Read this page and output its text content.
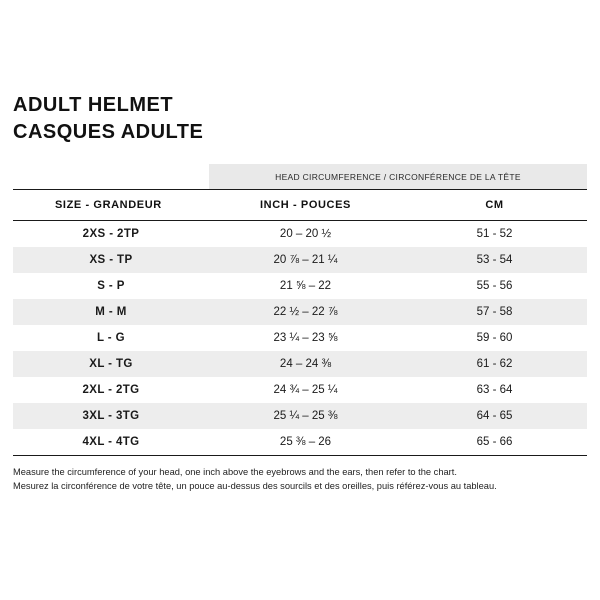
ADULT HELMET
CASQUES ADULTE
	HEAD CIRCUMFERENCE / CIRCONFÉRENCE DE LA TÊTE	
SIZE - GRANDEUR	INCH - POUCES	CM
2XS - 2TP	20 – 20 ½	51 - 52
XS - TP	20 ⅞ – 21 ¼	53 - 54
S - P	21 ⅝ – 22	55 - 56
M - M	22 ½ – 22 ⅞	57 - 58
L - G	23 ¼ – 23 ⅝	59 - 60
XL - TG	24 – 24 ⅜	61 - 62
2XL - 2TG	24 ¾ – 25 ¼	63 - 64
3XL - 3TG	25 ¼ – 25 ⅜	64 - 65
4XL - 4TG	25 ⅜ – 26	65 - 66
Measure the circumference of your head, one inch above the eyebrows and the ears, then refer to the chart.
Mesurez la circonférence de votre tête, un pouce au-dessus des sourcils et des oreilles, puis référez-vous au tableau.
